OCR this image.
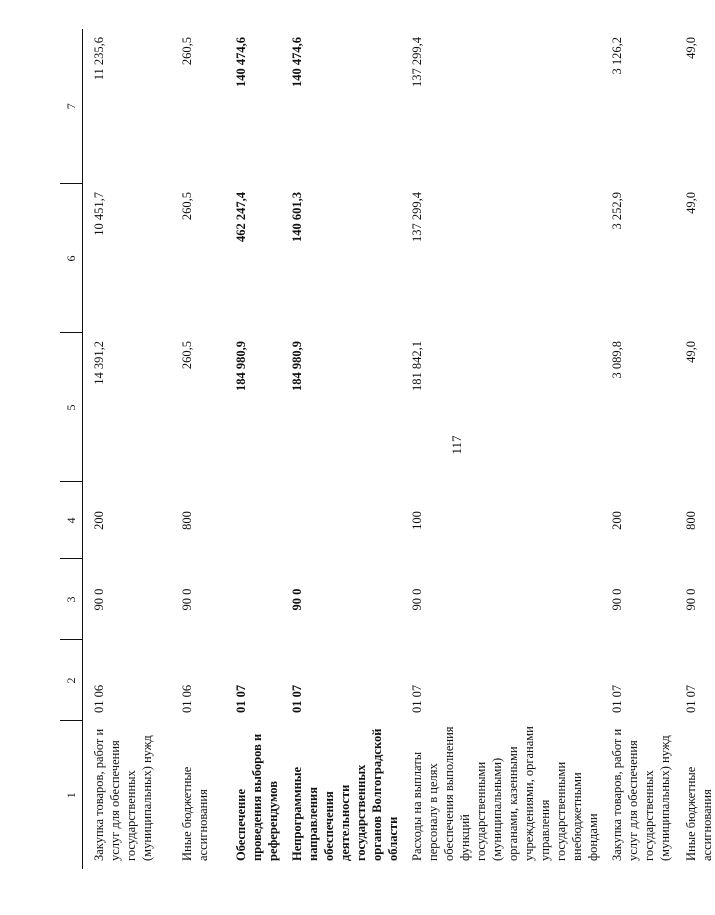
117
1	2	3	4	5	6	7
Закупка товаров, работ и услуг для обеспечения государственных (муниципальных) нужд	01 06	90 0	200	14 391,2	10 451,7	11 235,6
Иные бюджетные ассигнования	01 06	90 0	800	260,5	260,5	260,5
Обеспечение проведения выборов и референдумов	01 07			184 980,9	462 247,4	140 474,6
Непрограммные направления обеспечения деятельности государственных органов Волгоградской области	01 07	90 0		184 980,9	140 601,3	140 474,6
Расходы на выплаты персоналу в целях обеспечения выполнения функций государственными (муниципальными) органами, казенными учреждениями, органами управления государственными внебюджетными фондами	01 07	90 0	100	181 842,1	137 299,4	137 299,4
Закупка товаров, работ и услуг для обеспечения государственных (муниципальных) нужд	01 07	90 0	200	3 089,8	3 252,9	3 126,2
Иные бюджетные ассигнования	01 07	90 0	800	49,0	49,0	49,0
